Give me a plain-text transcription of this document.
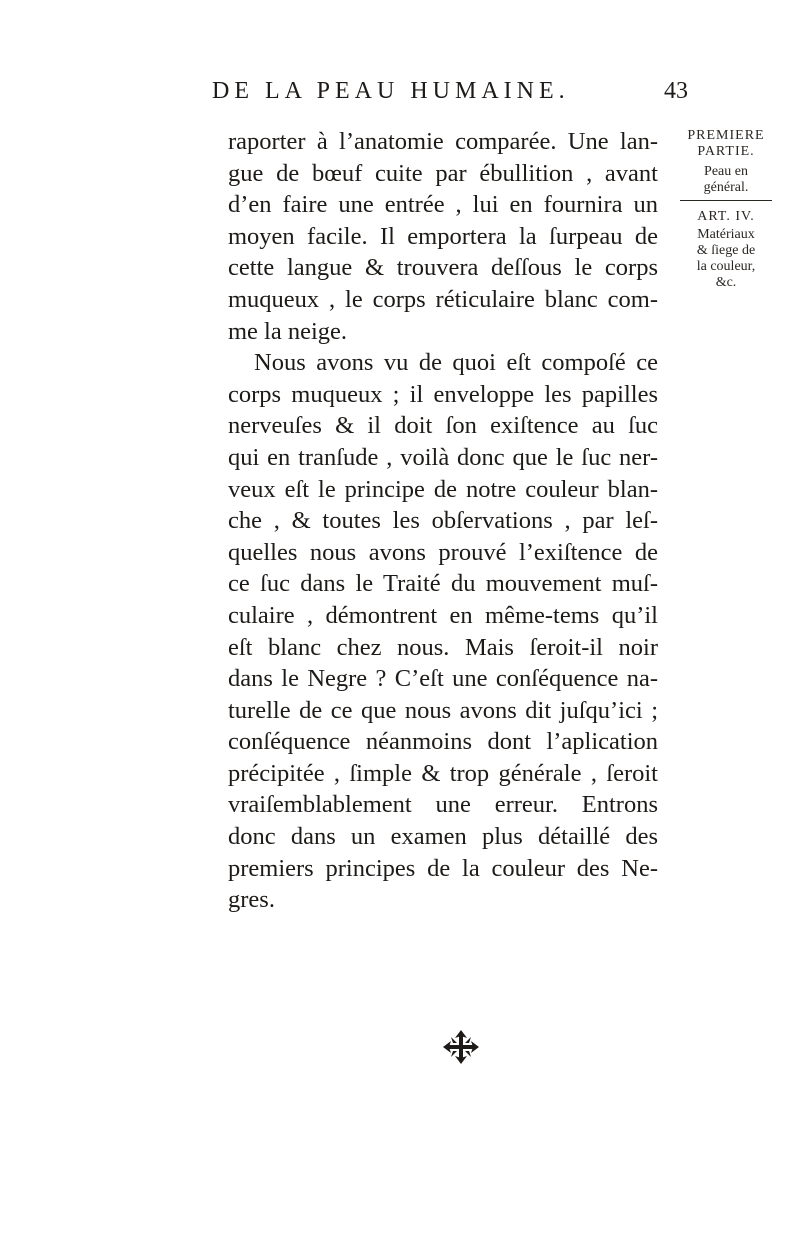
DE LA PEAU HUMAINE.	43
raporter à l’anatomie comparée. Une lan-
gue de bœuf cuite par ébullition , avant
d’en faire une entrée , lui en fournira un
moyen facile. Il emportera la ſurpeau de
cette langue & trouvera deſſous le corps
muqueux , le corps réticulaire blanc com-
me la neige.
Nous avons vu de quoi eſt compoſé ce
corps muqueux ; il enveloppe les papilles
nerveuſes & il doit ſon exiſtence au ſuc
qui en tranſude , voilà donc que le ſuc ner-
veux eſt le principe de notre couleur blan-
che , & toutes les obſervations , par leſ-
quelles nous avons prouvé l’exiſtence de
ce ſuc dans le Traité du mouvement muſ-
culaire , démontrent en même-tems qu’il
eſt blanc chez nous. Mais ſeroit-il noir
dans le Negre ? C’eſt une conſéquence na-
turelle de ce que nous avons dit juſqu’ici ;
conſéquence néanmoins dont l’aplication
précipitée , ſimple & trop générale , ſeroit
vraiſemblablement une erreur. Entrons
donc dans un examen plus détaillé des
premiers principes de la couleur des Ne-
gres.
PREMIERE
PARTIE.
Peau en
général.
ART. IV.
Matériaux
& ſiege de
la couleur,
&c.
